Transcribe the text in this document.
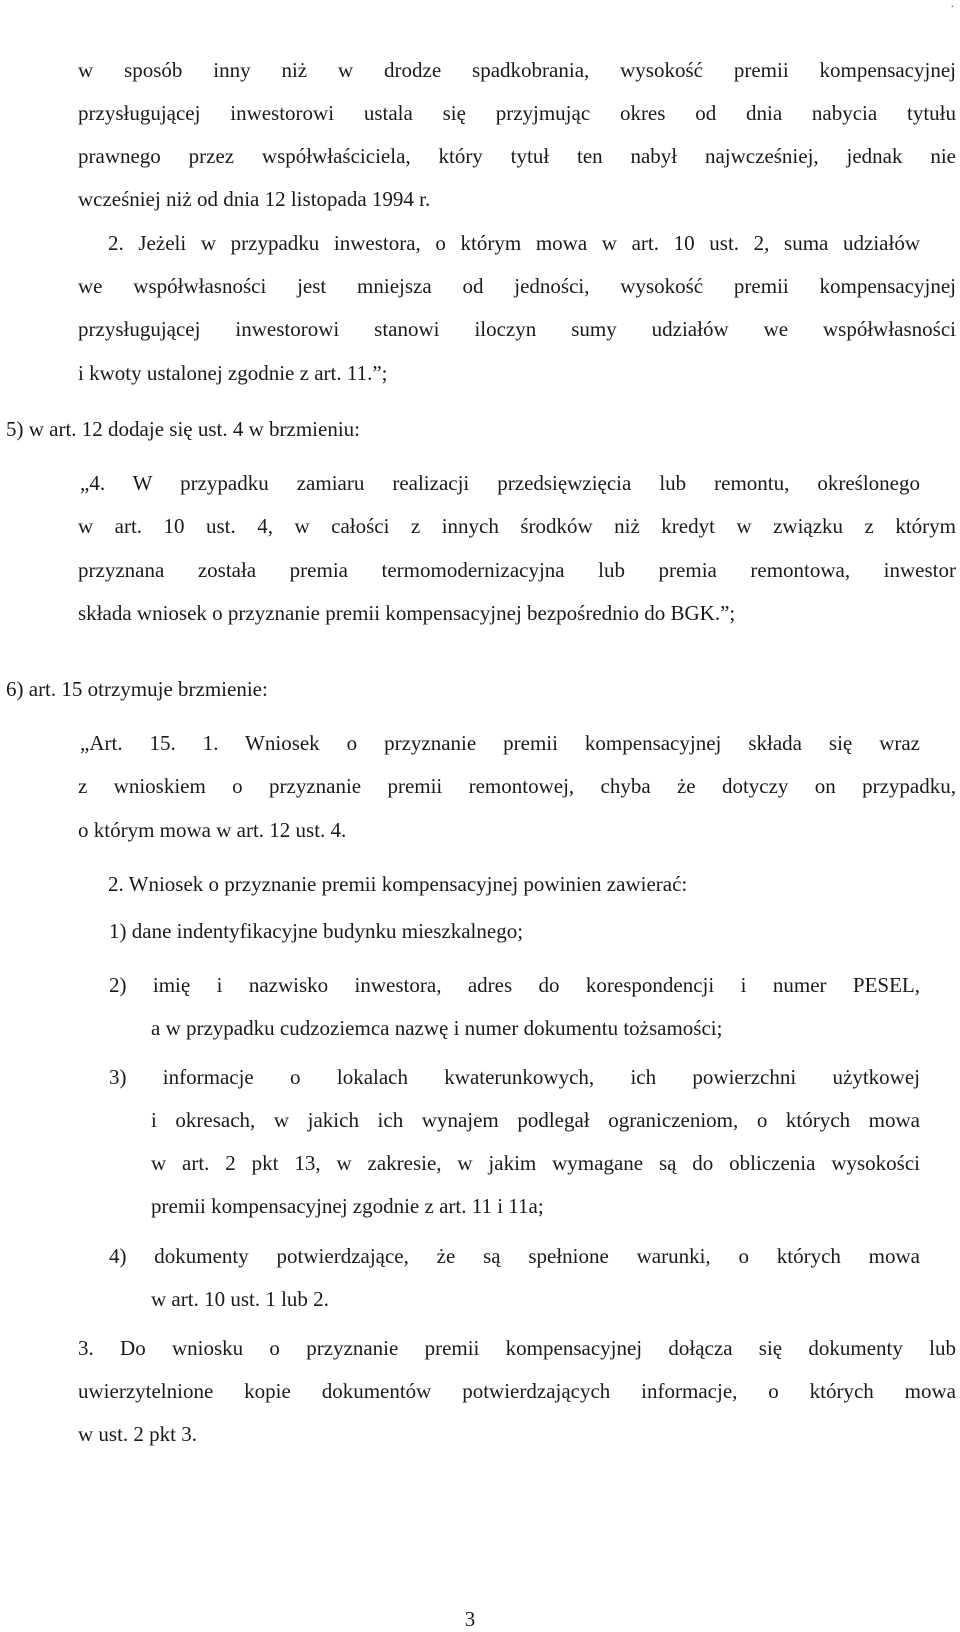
.
w sposób inny niż w drodze spadkobrania, wysokość premii kompensacyjnej
przysługującej inwestorowi ustala się przyjmując okres od dnia nabycia tytułu
prawnego przez współwłaściciela, który tytuł ten nabył najwcześniej, jednak nie
wcześniej niż od dnia 12 listopada 1994 r.
2. Jeżeli w przypadku inwestora, o którym mowa w art. 10 ust. 2, suma udziałów
we współwłasności jest mniejsza od jedności, wysokość premii kompensacyjnej
przysługującej inwestorowi stanowi iloczyn sumy udziałów we współwłasności
i kwoty ustalonej zgodnie z art. 11.”;
5) w art. 12 dodaje się ust. 4 w brzmieniu:
„4. W przypadku zamiaru realizacji przedsięwzięcia lub remontu, określonego
w art. 10 ust. 4, w całości z innych środków niż kredyt w związku z którym
przyznana została premia termomodernizacyjna lub premia remontowa, inwestor
składa wniosek o przyznanie premii kompensacyjnej bezpośrednio do BGK.”;
6) art. 15 otrzymuje brzmienie:
„Art. 15. 1. Wniosek o przyznanie premii kompensacyjnej składa się wraz
z wnioskiem o przyznanie premii remontowej, chyba że dotyczy on przypadku,
o którym mowa w art. 12 ust. 4.
2. Wniosek o przyznanie premii kompensacyjnej powinien zawierać:
1) dane indentyfikacyjne budynku mieszkalnego;
2) imię i nazwisko inwestora, adres do korespondencji i numer PESEL,
a w przypadku cudzoziemca nazwę i numer dokumentu tożsamości;
3) informacje o lokalach kwaterunkowych, ich powierzchni użytkowej
i okresach, w jakich ich wynajem podlegał ograniczeniom, o których mowa
w art. 2 pkt 13, w zakresie, w jakim wymagane są do obliczenia wysokości
premii kompensacyjnej zgodnie z art. 11 i 11a;
4) dokumenty potwierdzające, że są spełnione warunki, o których mowa
w art. 10 ust. 1 lub 2.
3. Do wniosku o przyznanie premii kompensacyjnej dołącza się dokumenty lub
uwierzytelnione kopie dokumentów potwierdzających informacje, o których mowa
w ust. 2 pkt 3.
3
